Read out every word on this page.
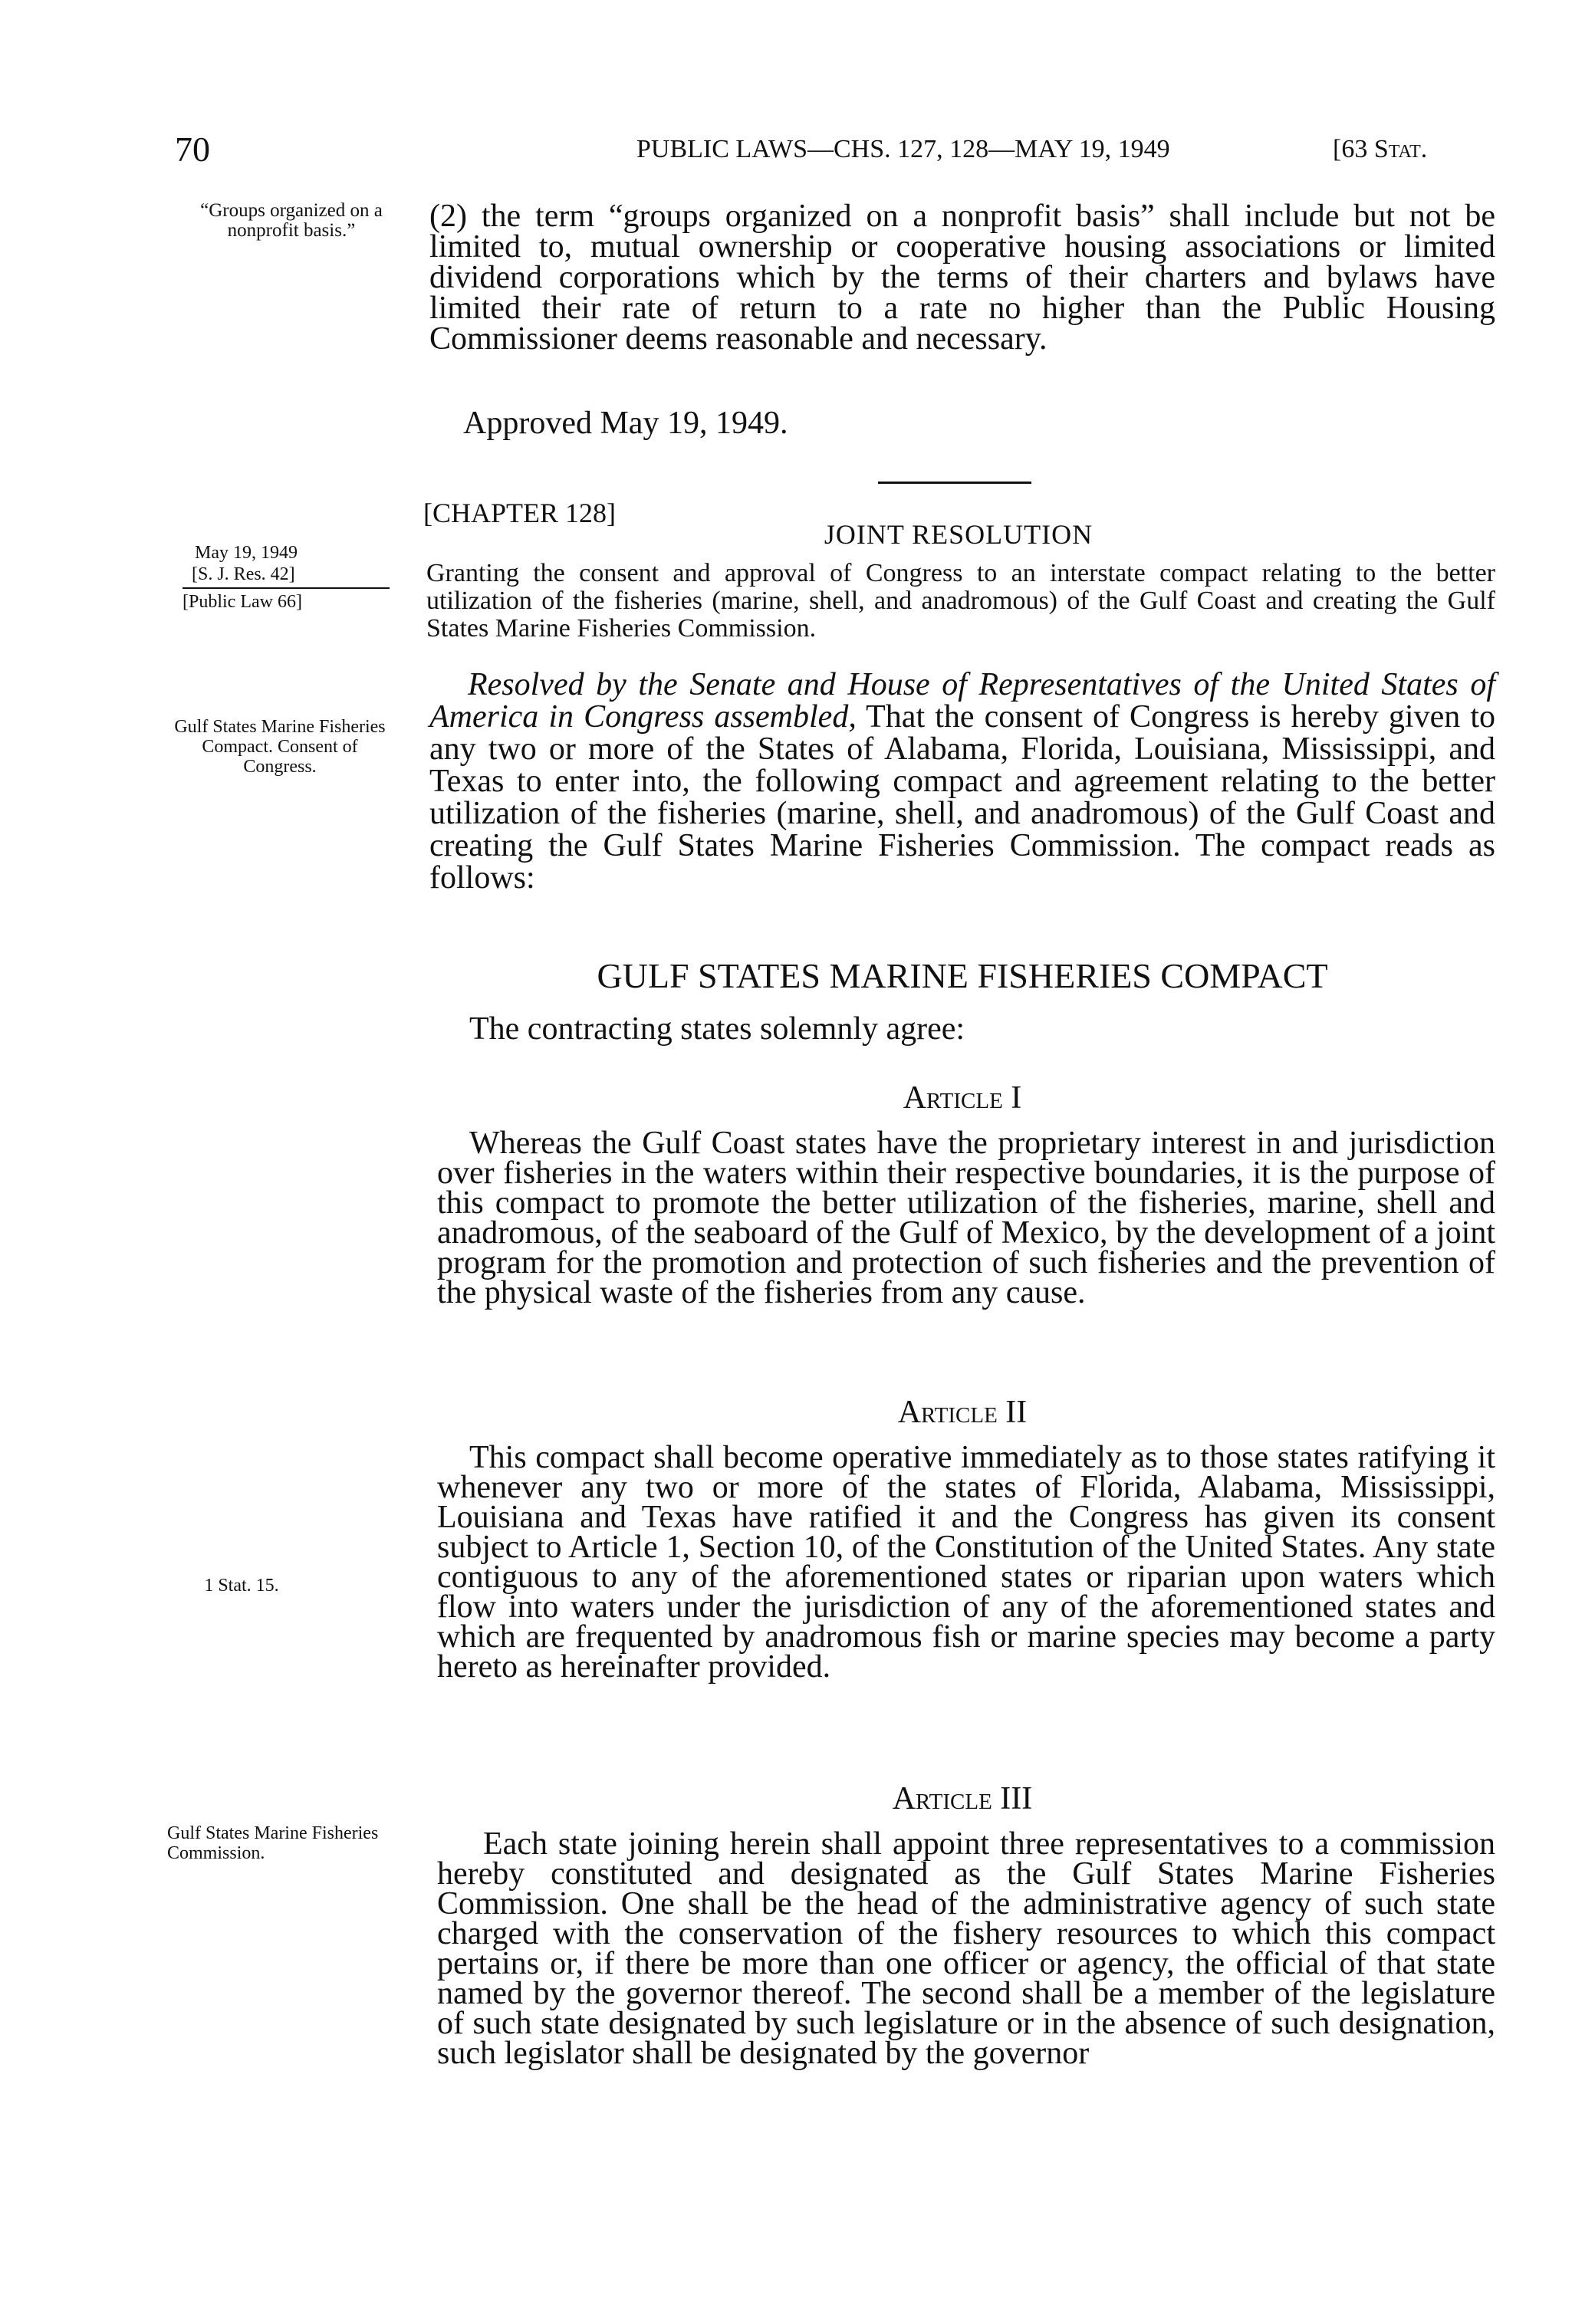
70	PUBLIC LAWS—CHS. 127, 128—MAY 19, 1949	[63 Stat.
“Groups organized on a nonprofit basis.”
May 19, 1949
[S. J. Res. 42]
[Public Law 66]
Gulf States Marine Fisheries Compact. Consent of Congress.
1 Stat. 15.
Gulf States Marine Fisheries Commission.
(2) the term “groups organized on a nonprofit basis” shall include but not be limited to, mutual ownership or cooperative housing associations or limited dividend corporations which by the terms of their charters and bylaws have limited their rate of return to a rate no higher than the Public Housing Commissioner deems reasonable and necessary.
Approved May 19, 1949.
[CHAPTER 128]
JOINT RESOLUTION
Granting the consent and approval of Congress to an interstate compact relating to the better utilization of the fisheries (marine, shell, and anadromous) of the Gulf Coast and creating the Gulf States Marine Fisheries Commission.
Resolved by the Senate and House of Representatives of the United States of America in Congress assembled, That the consent of Congress is hereby given to any two or more of the States of Alabama, Florida, Louisiana, Mississippi, and Texas to enter into, the following compact and agreement relating to the better utilization of the fisheries (marine, shell, and anadromous) of the Gulf Coast and creating the Gulf States Marine Fisheries Commission. The compact reads as follows:
GULF STATES MARINE FISHERIES COMPACT
The contracting states solemnly agree:
Article I
Whereas the Gulf Coast states have the proprietary interest in and jurisdiction over fisheries in the waters within their respective boundaries, it is the purpose of this compact to promote the better utilization of the fisheries, marine, shell and anadromous, of the seaboard of the Gulf of Mexico, by the development of a joint program for the promotion and protection of such fisheries and the prevention of the physical waste of the fisheries from any cause.
Article II
This compact shall become operative immediately as to those states ratifying it whenever any two or more of the states of Florida, Alabama, Mississippi, Louisiana and Texas have ratified it and the Congress has given its consent subject to Article 1, Section 10, of the Constitution of the United States. Any state contiguous to any of the aforementioned states or riparian upon waters which flow into waters under the jurisdiction of any of the aforementioned states and which are frequented by anadromous fish or marine species may become a party hereto as hereinafter provided.
Article III
Each state joining herein shall appoint three representatives to a commission hereby constituted and designated as the Gulf States Marine Fisheries Commission. One shall be the head of the administrative agency of such state charged with the conservation of the fishery resources to which this compact pertains or, if there be more than one officer or agency, the official of that state named by the governor thereof. The second shall be a member of the legislature of such state designated by such legislature or in the absence of such designation, such legislator shall be designated by the governor
